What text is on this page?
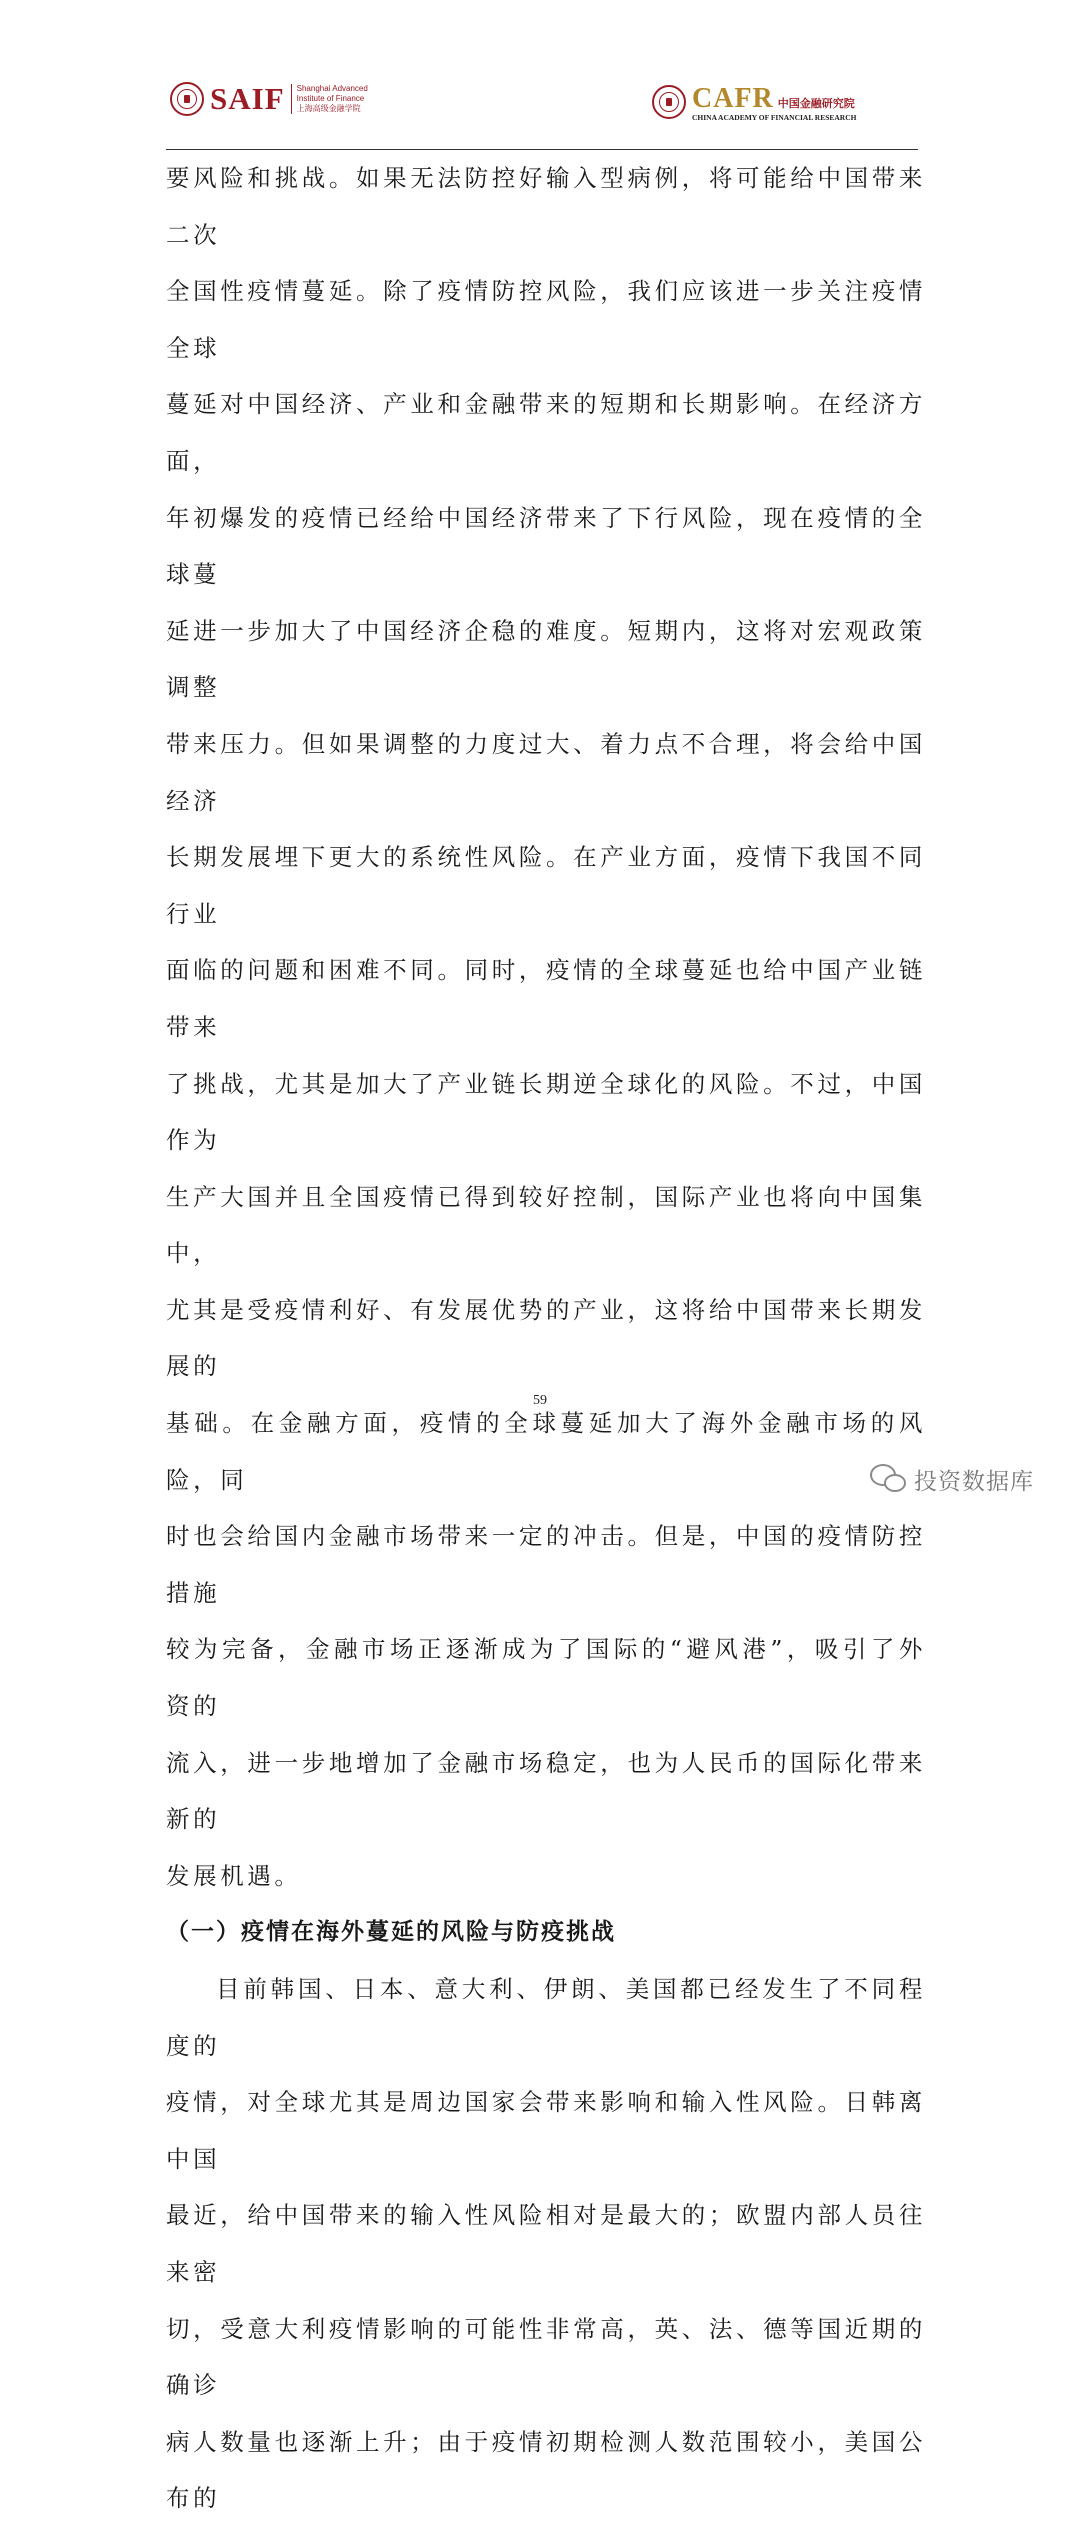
SAIF Shanghai Advanced
Institute of Finance
上海高级金融学院	CAFR 中国金融研究院
CHINA ACADEMY OF FINANCIAL RESEARCH

要风险和挑战。如果无法防控好输入型病例，将可能给中国带来二次

全国性疫情蔓延。除了疫情防控风险，我们应该进一步关注疫情全球

蔓延对中国经济、产业和金融带来的短期和长期影响。在经济方面，

年初爆发的疫情已经给中国经济带来了下行风险，现在疫情的全球蔓

延进一步加大了中国经济企稳的难度。短期内，这将对宏观政策调整

带来压力。但如果调整的力度过大、着力点不合理，将会给中国经济

长期发展埋下更大的系统性风险。在产业方面，疫情下我国不同行业

面临的问题和困难不同。同时，疫情的全球蔓延也给中国产业链带来

了挑战，尤其是加大了产业链长期逆全球化的风险。不过，中国作为

生产大国并且全国疫情已得到较好控制，国际产业也将向中国集中，

尤其是受疫情利好、有发展优势的产业，这将给中国带来长期发展的

基础。在金融方面，疫情的全球蔓延加大了海外金融市场的风险，同

时也会给国内金融市场带来一定的冲击。但是，中国的疫情防控措施

较为完备，金融市场正逐渐成为了国际的“避风港”，吸引了外资的

流入，进一步地增加了金融市场稳定，也为人民币的国际化带来新的

发展机遇。

（一）疫情在海外蔓延的风险与防疫挑战

目前韩国、日本、意大利、伊朗、美国都已经发生了不同程度的

疫情，对全球尤其是周边国家会带来影响和输入性风险。日韩离中国

最近，给中国带来的输入性风险相对是最大的；欧盟内部人员往来密

切，受意大利疫情影响的可能性非常高，英、法、德等国近期的确诊

病人数量也逐渐上升；由于疫情初期检测人数范围较小，美国公布的

59
投资数据库
